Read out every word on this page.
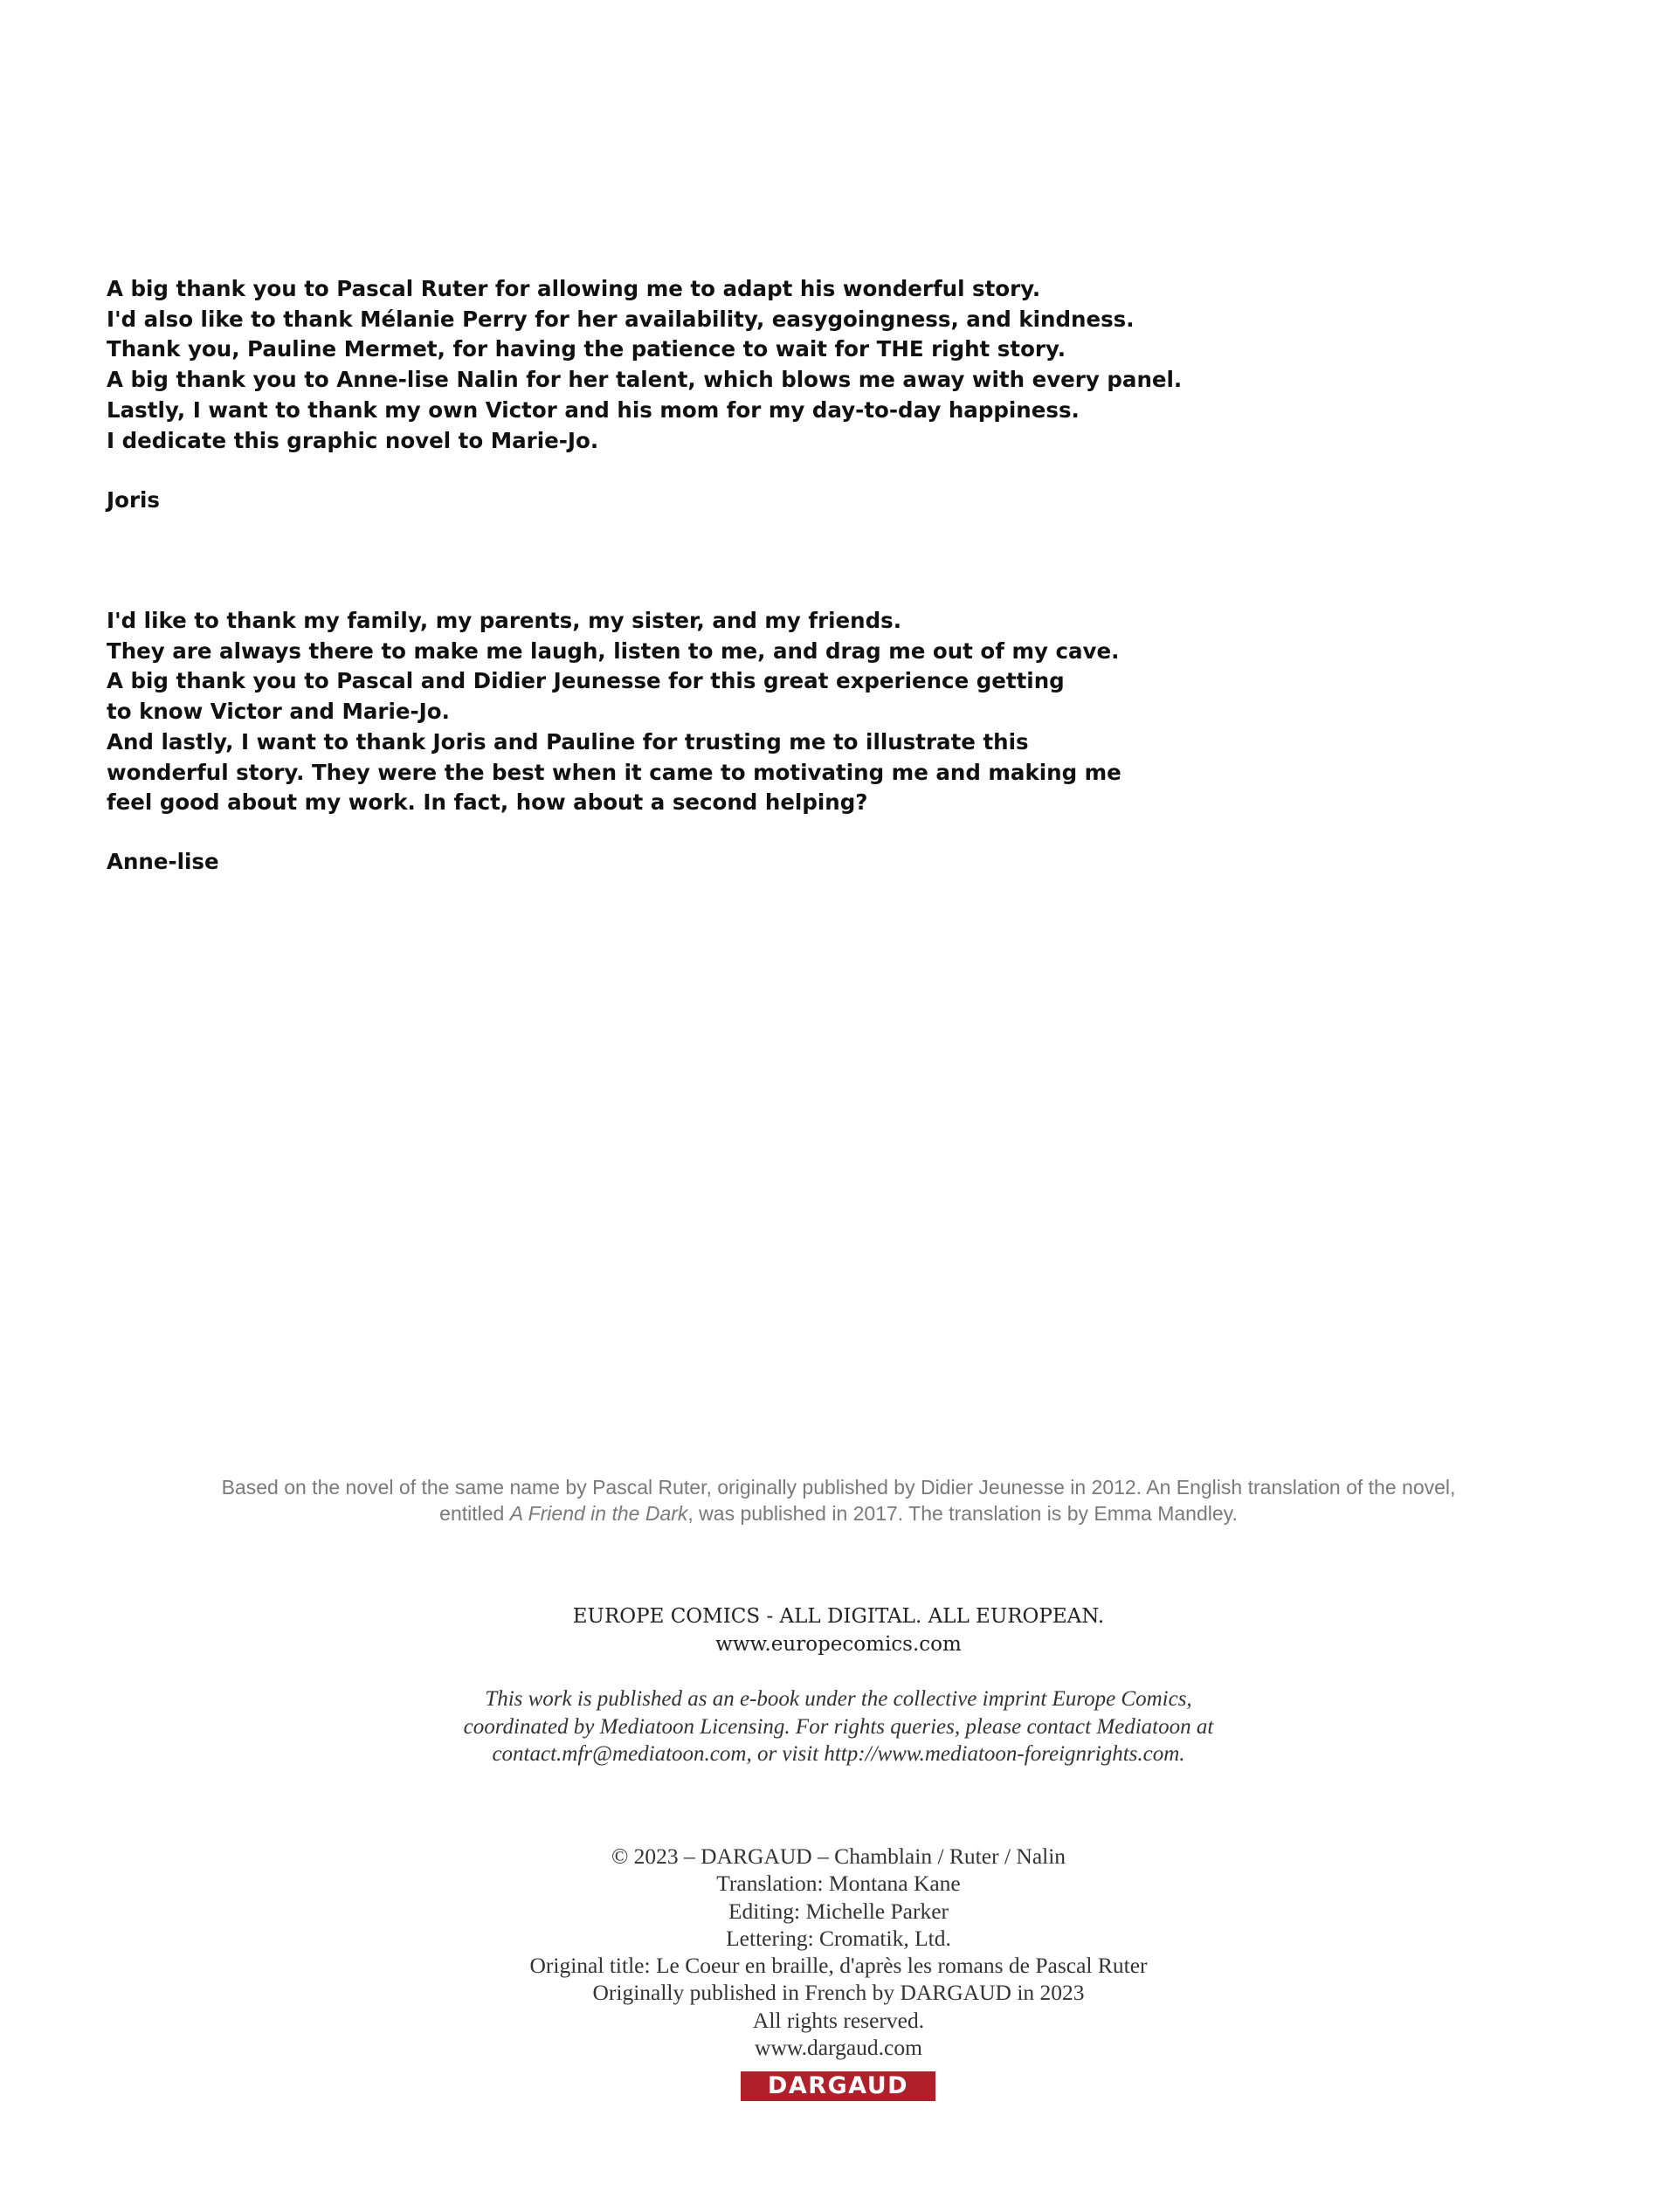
A big thank you to Pascal Ruter for allowing me to adapt his wonderful story.
I'd also like to thank Mélanie Perry for her availability, easygoingness, and kindness.
Thank you, Pauline Mermet, for having the patience to wait for THE right story.
A big thank you to Anne-lise Nalin for her talent, which blows me away with every panel.
Lastly, I want to thank my own Victor and his mom for my day-to-day happiness.
I dedicate this graphic novel to Marie-Jo.
Joris
I'd like to thank my family, my parents, my sister, and my friends.
They are always there to make me laugh, listen to me, and drag me out of my cave.
A big thank you to Pascal and Didier Jeunesse for this great experience getting
to know Victor and Marie-Jo.
And lastly, I want to thank Joris and Pauline for trusting me to illustrate this
wonderful story. They were the best when it came to motivating me and making me
feel good about my work. In fact, how about a second helping?
Anne-lise
Based on the novel of the same name by Pascal Ruter, originally published by Didier Jeunesse in 2012. An English translation of the novel,
entitled A Friend in the Dark, was published in 2017. The translation is by Emma Mandley.
EUROPE COMICS - ALL DIGITAL. ALL EUROPEAN.
www.europecomics.com
This work is published as an e-book under the collective imprint Europe Comics,
coordinated by Mediatoon Licensing. For rights queries, please contact Mediatoon at
contact.mfr@mediatoon.com, or visit http://www.mediatoon-foreignrights.com.
© 2023 – DARGAUD – Chamblain / Ruter / Nalin
Translation: Montana Kane
Editing: Michelle Parker
Lettering: Cromatik, Ltd.
Original title: Le Coeur en braille, d'après les romans de Pascal Ruter
Originally published in French by DARGAUD in 2023
All rights reserved.
www.dargaud.com
DARGAUD
